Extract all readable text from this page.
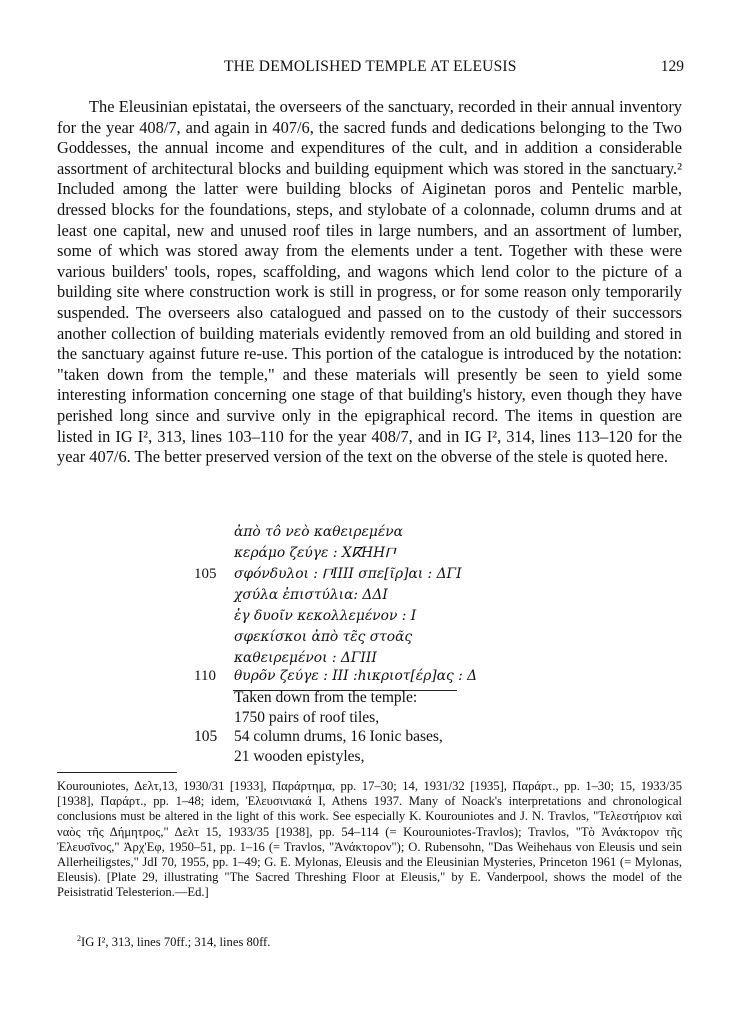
THE DEMOLISHED TEMPLE AT ELEUSIS	129

The Eleusinian epistatai, the overseers of the sanctuary, recorded in their annual inventory for the year 408/7, and again in 407/6, the sacred funds and dedications belonging to the Two Goddesses, the annual income and expenditures of the cult, and in addition a considerable assortment of architectural blocks and building equipment which was stored in the sanctuary.² Included among the latter were building blocks of Aiginetan poros and Pentelic marble, dressed blocks for the foundations, steps, and stylobate of a colonnade, column drums and at least one capital, new and unused roof tiles in large numbers, and an assortment of lumber, some of which was stored away from the elements under a tent. Together with these were various builders' tools, ropes, scaffolding, and wagons which lend color to the picture of a building site where construction work is still in progress, or for some reason only temporarily suspended. The overseers also catalogued and passed on to the custody of their successors another collection of building materials evidently removed from an old building and stored in the sanctuary against future re-use. This portion of the catalogue is introduced by the notation: "taken down from the temple," and these materials will presently be seen to yield some interesting information concerning one stage of that building's history, even though they have perished long since and survive only in the epigraphical record. The items in question are listed in IG I², 313, lines 103–110 for the year 408/7, and in IG I², 314, lines 113–120 for the year 407/6. The better preserved version of the text on the obverse of the stele is quoted here.

ἀπὸ τô νεὸ καθειρεμένα
κεράμο ζεύγε : ΧⴽΗΗ𐅃
105 σφόνδυλοι : 𐅃IIII σπε[ῖρ]αι : ΔΓΙ
χσύλα ἐπιστύλια: ΔΔΙ
ἐγ δυοῖν κεκολλεμένον : Ι
σφεκίσκοι ἀπὸ τε̃ς στοᾶς
καθειρεμένοι : ΔΓΙΙΙ
110 θυρõν ζεύγε : ΙΙΙ :hικριοτ[έρ]ας : Δ
Taken down from the temple:
1750 pairs of roof tiles,
105 54 column drums, 16 Ionic bases,
21 wooden epistyles,

Kourouniotes, Δελτ,13, 1930/31 [1933], Παράρτημα, pp. 17–30; 14, 1931/32 [1935], Παράρτ., pp. 1–30; 15, 1933/35 [1938], Παράρτ., pp. 1–48; idem, Ἐλευσινιακά I, Athens 1937. Many of Noack's interpretations and chronological conclusions must be altered in the light of this work. See especially K. Kourouniotes and J. N. Travlos, "Τελεστήριον καὶ ναὸς τῆς Δήμητρος," Δελτ 15, 1933/35 [1938], pp. 54–114 (= Kourouniotes-Travlos); Travlos, "Τὸ Ἀνάκτορον τῆς Ἐλευσῖνος," Ἀρχ'Εφ, 1950–51, pp. 1–16 (= Travlos, "Ἀνάκτορον"); O. Rubensohn, "Das Weihehaus von Eleusis und sein Allerheiligstes," JdI 70, 1955, pp. 1–49; G. E. Mylonas, Eleusis and the Eleusinian Mysteries, Princeton 1961 (= Mylonas, Eleusis). [Plate 29, illustrating "The Sacred Threshing Floor at Eleusis," by E. Vanderpool, shows the model of the Peisistratid Telesterion.—Ed.]

$^2$IG I², 313, lines 70ff.; 314, lines 80ff.
